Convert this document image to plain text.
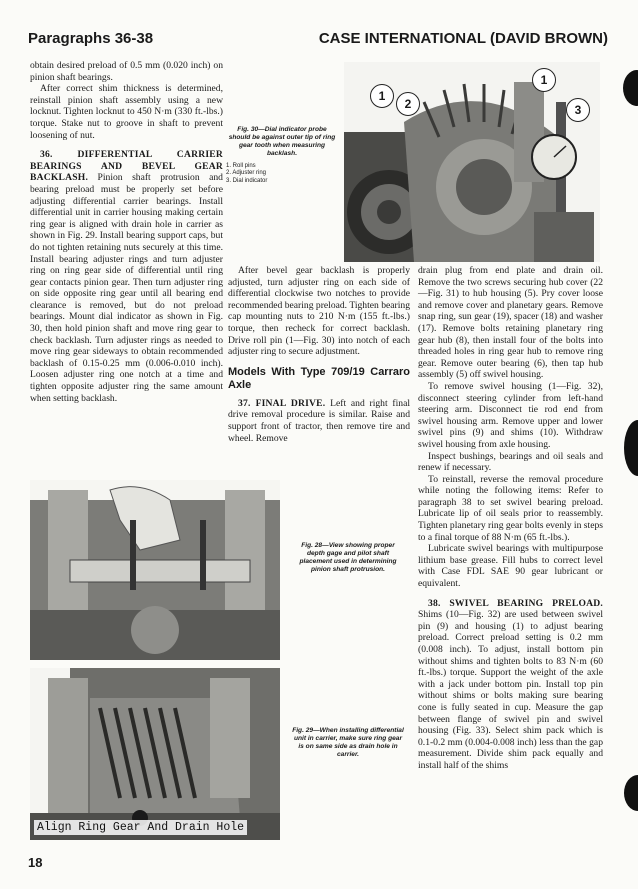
Paragraphs 36-38	CASE INTERNATIONAL (DAVID BROWN)

obtain desired preload of 0.5 mm (0.020 inch) on pinion shaft bearings.

After correct shim thickness is determined, reinstall pinion shaft assembly using a new locknut. Tighten locknut to 450 N·m (330 ft.-lbs.) torque. Stake nut to groove in shaft to prevent loosening of nut.

36. DIFFERENTIAL CARRIER BEARINGS AND BEVEL GEAR BACKLASH. Pinion shaft protrusion and bearing preload must be properly set before adjusting differential carrier bearings. Install differential unit in carrier housing making certain ring gear is aligned with drain hole in carrier as shown in Fig. 29. Install bearing support caps, but do not tighten retaining nuts securely at this time. Install bearing adjuster rings and turn adjuster ring on ring gear side of differential until ring gear contacts pinion gear. Then turn adjuster ring on side opposite ring gear until all bearing end clearance is removed, but do not preload bearings. Mount dial indicator as shown in Fig. 30, then hold pinion shaft and move ring gear to check backlash. Turn adjuster rings as needed to move ring gear sideways to obtain recommended backlash of 0.15-0.25 mm (0.006-0.010 inch). Loosen adjuster ring one notch at a time and tighten opposite adjuster ring the same amount when setting backlash.

Fig. 30—Dial indicator probe should be against outer tip of ring gear tooth when measuring backlash.
1. Roll pins
2. Adjuster ring
3. Dial indicator
1
1
2	3

After bevel gear backlash is properly adjusted, turn adjuster ring on each side of differential clockwise two notches to provide recommended bearing preload. Tighten bearing cap mounting nuts to 210 N·m (155 ft.-lbs.) torque, then recheck for correct backlash. Drive roll pin (1—Fig. 30) into notch of each adjuster ring to secure adjustment.

Models With Type 709/19 Carraro Axle

37. FINAL DRIVE. Left and right final drive removal procedure is similar. Raise and support front of tractor, then remove tire and wheel. Remove

drain plug from end plate and drain oil. Remove the two screws securing hub cover (22—Fig. 31) to hub housing (5). Pry cover loose and remove cover and planetary gears. Remove snap ring, sun gear (19), spacer (18) and washer (17). Remove bolts retaining planetary ring gear hub (8), then install four of the bolts into threaded holes in ring gear hub to remove ring gear. Remove outer bearing (6), then tap hub assembly (5) off swivel housing.

To remove swivel housing (1—Fig. 32), disconnect steering cylinder from left-hand steering arm. Disconnect tie rod end from swivel housing arm. Remove upper and lower swivel pins (9) and shims (10). Withdraw swivel housing from axle housing.

Inspect bushings, bearings and oil seals and renew if necessary.

To reinstall, reverse the removal procedure while noting the following items: Refer to paragraph 38 to set swivel bearing preload. Lubricate lip of oil seals prior to reassembly. Tighten planetary ring gear bolts evenly in steps to a final torque of 88 N·m (65 ft.-lbs.).

Lubricate swivel bearings with multipurpose lithium base grease. Fill hubs to correct level with Case FDL SAE 90 gear lubricant or equivalent.

38. SWIVEL BEARING PRELOAD. Shims (10—Fig. 32) are used between swivel pin (9) and housing (1) to adjust bearing preload. Correct preload setting is 0.2 mm (0.008 inch). To adjust, install bottom pin without shims and tighten bolts to 83 N·m (60 ft.-lbs.) torque. Support the weight of the axle with a jack under bottom pin. Install top pin without shims or bolts making sure bearing cone is fully seated in cup. Measure the gap between flange of swivel pin and swivel housing (Fig. 33). Select shim pack which is 0.1-0.2 mm (0.004-0.008 inch) less than the gap measurement. Divide shim pack equally and install half of the shims

Fig. 28—View showing proper depth gage and pilot shaft placement used in determining pinion shaft protrusion.
Fig. 29—When installing differential unit in carrier, make sure ring gear is on same side as drain hole in carrier.
Align Ring Gear And Drain Hole
18
